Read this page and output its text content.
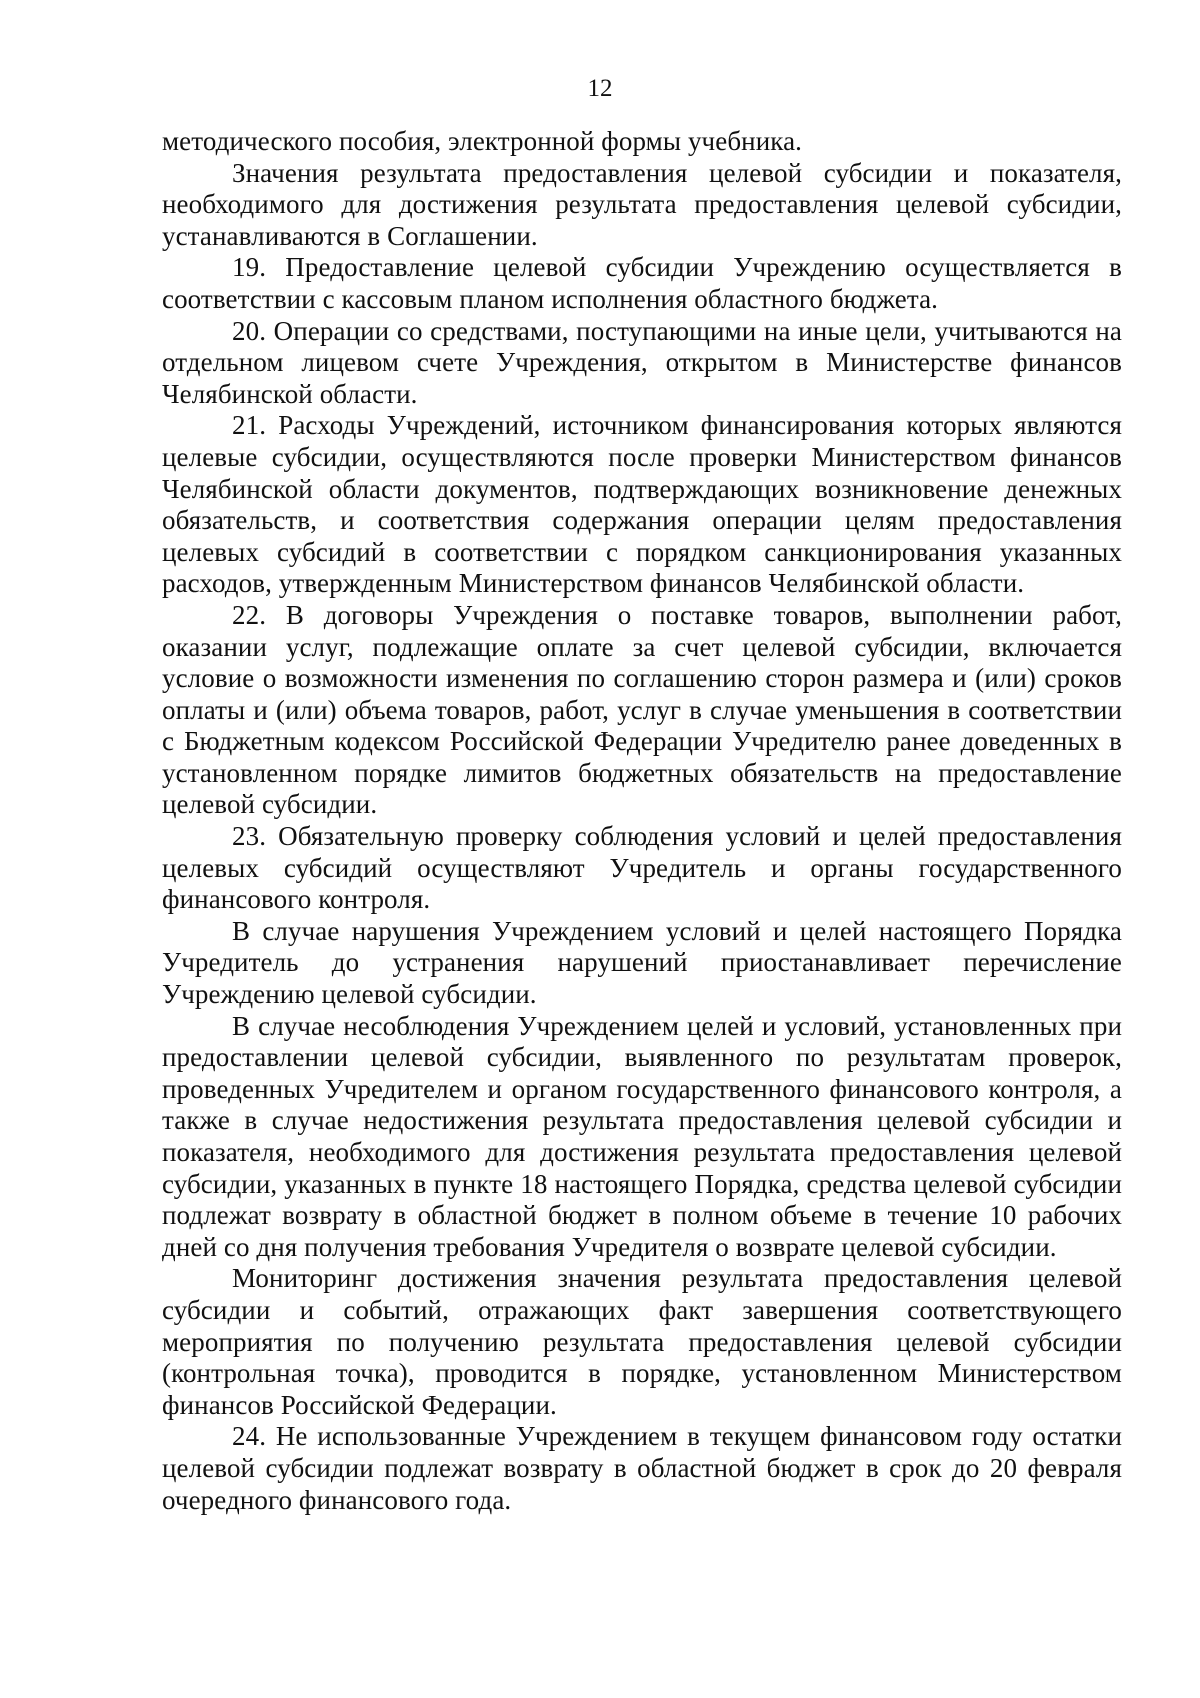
12

методического пособия, электронной формы учебника.

Значения результата предоставления целевой субсидии и показателя, необходимого для достижения результата предоставления целевой субсидии, устанавливаются в Соглашении.

19. Предоставление целевой субсидии Учреждению осуществляется в соответствии с кассовым планом исполнения областного бюджета.

20. Операции со средствами, поступающими на иные цели, учитываются на отдельном лицевом счете Учреждения, открытом в Министерстве финансов Челябинской области.

21. Расходы Учреждений, источником финансирования которых являются целевые субсидии, осуществляются после проверки Министерством финансов Челябинской области документов, подтверждающих возникновение денежных обязательств, и соответствия содержания операции целям предоставления целевых субсидий в соответствии с порядком санкционирования указанных расходов, утвержденным Министерством финансов Челябинской области.

22. В договоры Учреждения о поставке товаров, выполнении работ, оказании услуг, подлежащие оплате за счет целевой субсидии, включается условие о возможности изменения по соглашению сторон размера и (или) сроков оплаты и (или) объема товаров, работ, услуг в случае уменьшения в соответствии с Бюджетным кодексом Российской Федерации Учредителю ранее доведенных в установленном порядке лимитов бюджетных обязательств на предоставление целевой субсидии.

23. Обязательную проверку соблюдения условий и целей предоставления целевых субсидий осуществляют Учредитель и органы государственного финансового контроля.

В случае нарушения Учреждением условий и целей настоящего Порядка Учредитель до устранения нарушений приостанавливает перечисление Учреждению целевой субсидии.

В случае несоблюдения Учреждением целей и условий, установленных при предоставлении целевой субсидии, выявленного по результатам проверок, проведенных Учредителем и органом государственного финансового контроля, а также в случае недостижения результата предоставления целевой субсидии и показателя, необходимого для достижения результата предоставления целевой субсидии, указанных в пункте 18 настоящего Порядка, средства целевой субсидии подлежат возврату в областной бюджет в полном объеме в течение 10 рабочих дней со дня получения требования Учредителя о возврате целевой субсидии.

Мониторинг достижения значения результата предоставления целевой субсидии и событий, отражающих факт завершения соответствующего мероприятия по получению результата предоставления целевой субсидии (контрольная точка), проводится в порядке, установленном Министерством финансов Российской Федерации.

24. Не использованные Учреждением в текущем финансовом году остатки целевой субсидии подлежат возврату в областной бюджет в срок до 20 февраля очередного финансового года.
